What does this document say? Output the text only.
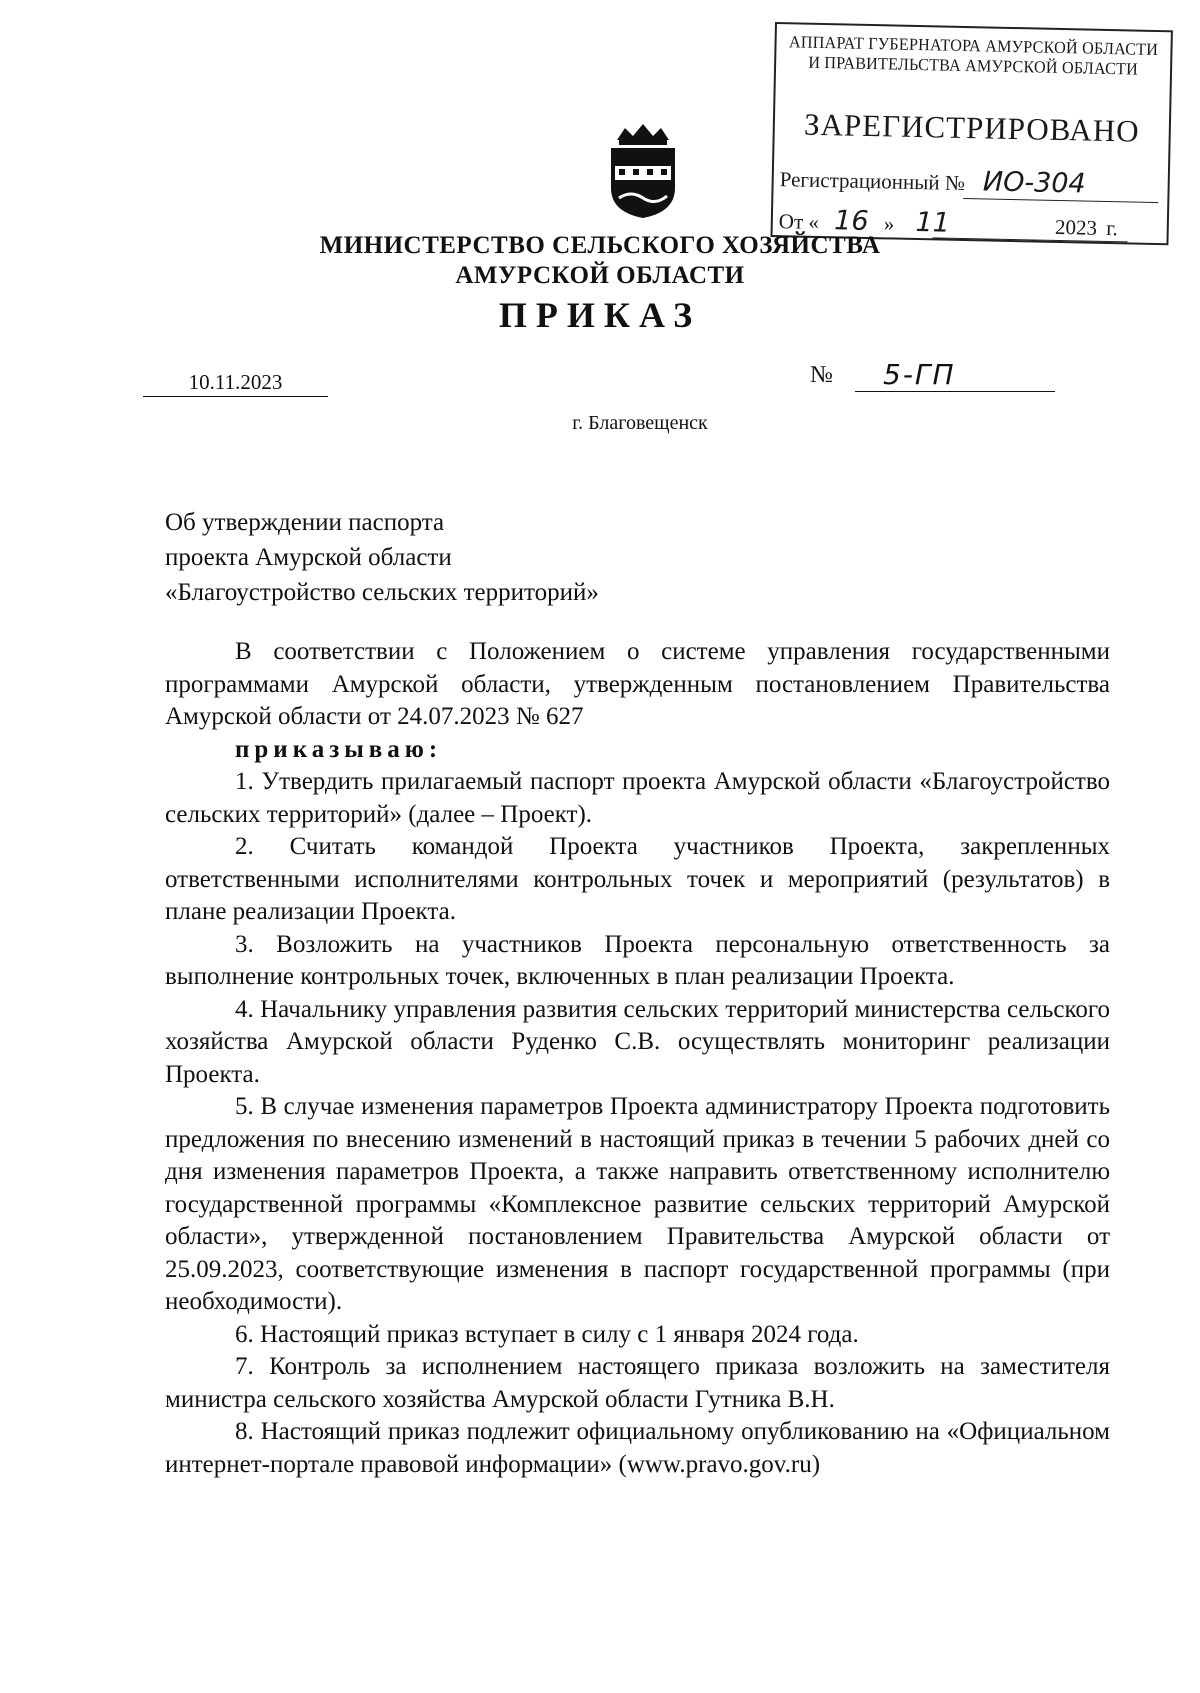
АППАРАТ ГУБЕРНАТОРА АМУРСКОЙ ОБЛАСТИ
И ПРАВИТЕЛЬСТВА АМУРСКОЙ ОБЛАСТИ
ЗАРЕГИСТРИРОВАНО
Регистрационный № ИО-304
От « 16 » 11	2023 г.
МИНИСТЕРСТВО СЕЛЬСКОГО ХОЗЯЙСТВА
АМУРСКОЙ ОБЛАСТИ
ПРИКАЗ
10.11.2023	№	5-ГП
г. Благовещенск
Об утверждении паспорта
проекта Амурской области
«Благоустройство сельских территорий»

В соответствии с Положением о системе управления государственными программами Амурской области, утвержденным постановлением Правительства Амурской области от 24.07.2023 № 627

приказываю:

1. Утвердить прилагаемый паспорт проекта Амурской области «Благоустройство сельских территорий» (далее – Проект).

2. Считать командой Проекта участников Проекта, закрепленных ответственными исполнителями контрольных точек и мероприятий (результатов) в плане реализации Проекта.

3. Возложить на участников Проекта персональную ответственность за выполнение контрольных точек, включенных в план реализации Проекта.

4. Начальнику управления развития сельских территорий министерства сельского хозяйства Амурской области Руденко С.В. осуществлять мониторинг реализации Проекта.

5. В случае изменения параметров Проекта администратору Проекта подготовить предложения по внесению изменений в настоящий приказ в течении 5 рабочих дней со дня изменения параметров Проекта, а также направить ответственному исполнителю государственной программы «Комплексное развитие сельских территорий Амурской области», утвержденной постановлением Правительства Амурской области от 25.09.2023, соответствующие изменения в паспорт государственной программы (при необходимости).

6. Настоящий приказ вступает в силу с 1 января 2024 года.

7. Контроль за исполнением настоящего приказа возложить на заместителя министра сельского хозяйства Амурской области Гутника В.Н.

8. Настоящий приказ подлежит официальному опубликованию на «Официальном интернет-портале правовой информации» (www.pravo.gov.ru)
